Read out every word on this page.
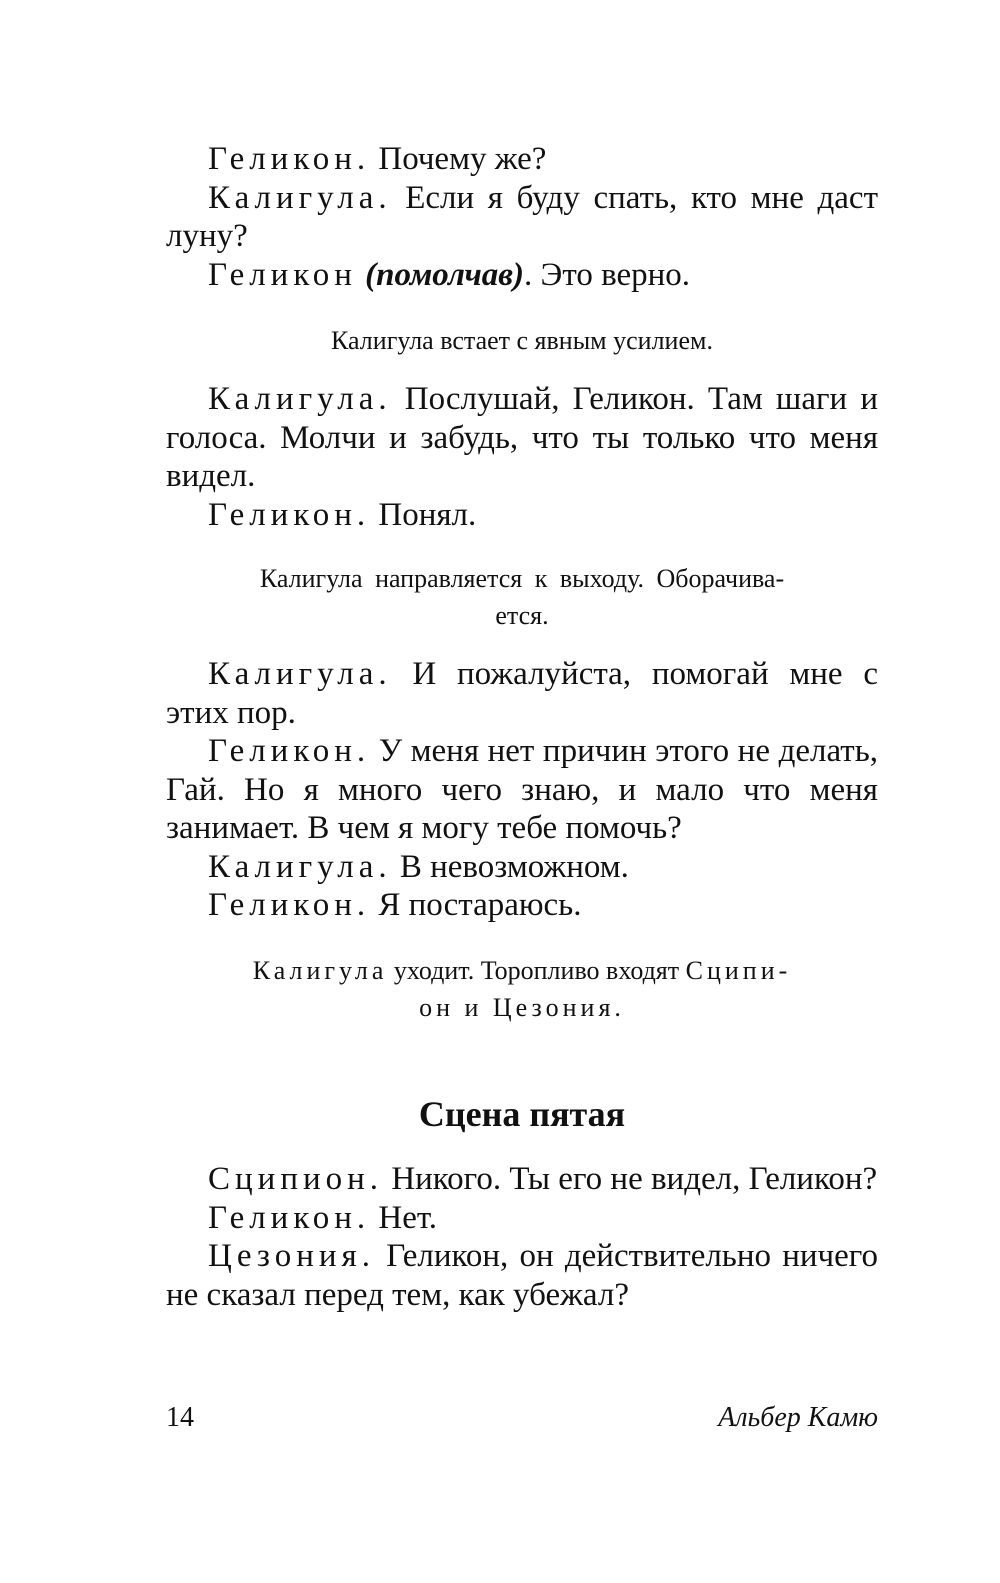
Геликон. Почему же?

Калигула. Если я буду спать, кто мне даст луну?

Геликон (помолчав). Это верно.

Калигула встает с явным усилием.

Калигула. Послушай, Геликон. Там шаги и голоса. Молчи и забудь, что ты только что меня видел.

Геликон. Понял.

Калигула направляется к выходу. Оборачива-
ется.

Калигула. И пожалуйста, помогай мне с этих пор.

Геликон. У меня нет причин этого не делать, Гай. Но я много чего знаю, и мало что меня занимает. В чем я могу тебе помочь?

Калигула. В невозможном.

Геликон. Я постараюсь.

Калигула уходит. Торопливо входят Сципи-
он и Цезония.
Сцена пятая

Сципион. Никого. Ты его не видел, Геликон?

Геликон. Нет.

Цезония. Геликон, он действительно ничего не сказал перед тем, как убежал?

14	Альбер Камю
